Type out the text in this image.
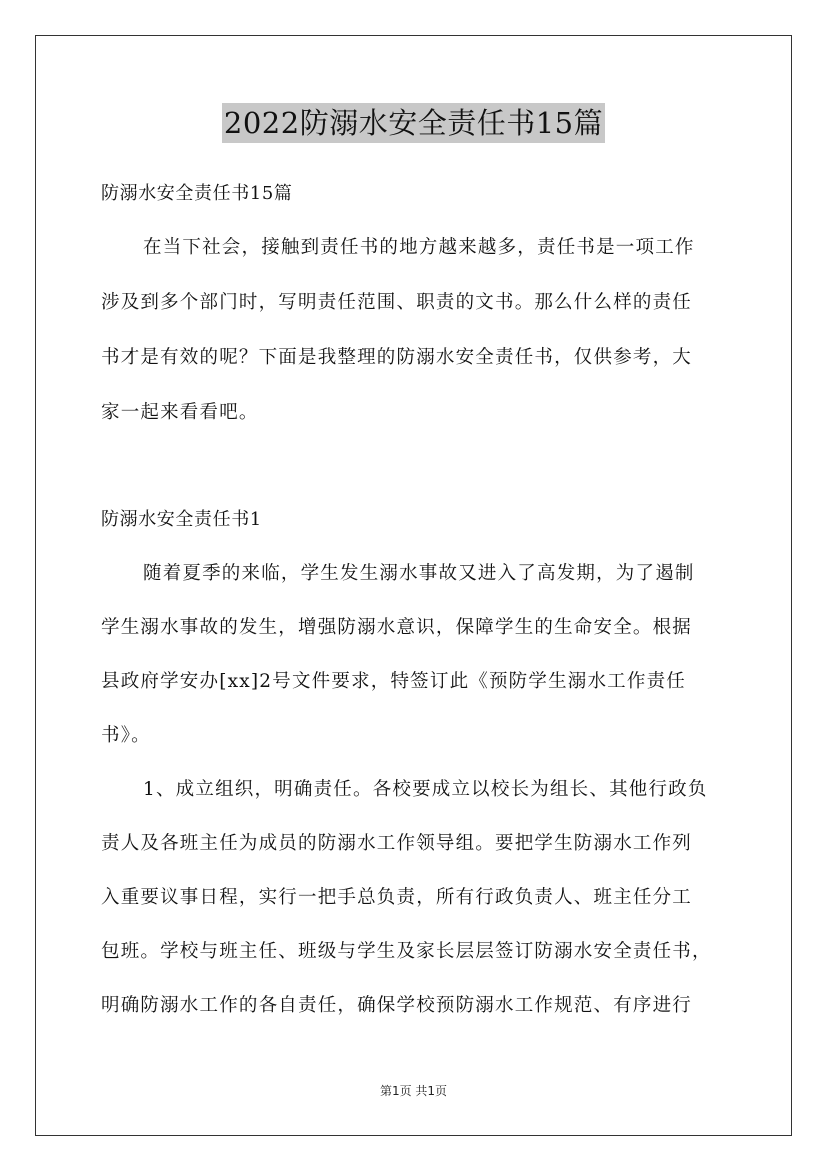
2022防溺水安全责任书15篇
防溺水安全责任书15篇
在当下社会，接触到责任书的地方越来越多，责任书是一项工作
涉及到多个部门时，写明责任范围、职责的文书。那么什么样的责任
书才是有效的呢？下面是我整理的防溺水安全责任书，仅供参考，大
家一起来看看吧。
防溺水安全责任书1
随着夏季的来临，学生发生溺水事故又进入了高发期，为了遏制
学生溺水事故的发生，增强防溺水意识，保障学生的生命安全。根据
县政府学安办[xx]2号文件要求，特签订此《预防学生溺水工作责任
书》。
1、成立组织，明确责任。各校要成立以校长为组长、其他行政负
责人及各班主任为成员的防溺水工作领导组。要把学生防溺水工作列
入重要议事日程，实行一把手总负责，所有行政负责人、班主任分工
包班。学校与班主任、班级与学生及家长层层签订防溺水安全责任书，
明确防溺水工作的各自责任，确保学校预防溺水工作规范、有序进行
第1页 共1页
